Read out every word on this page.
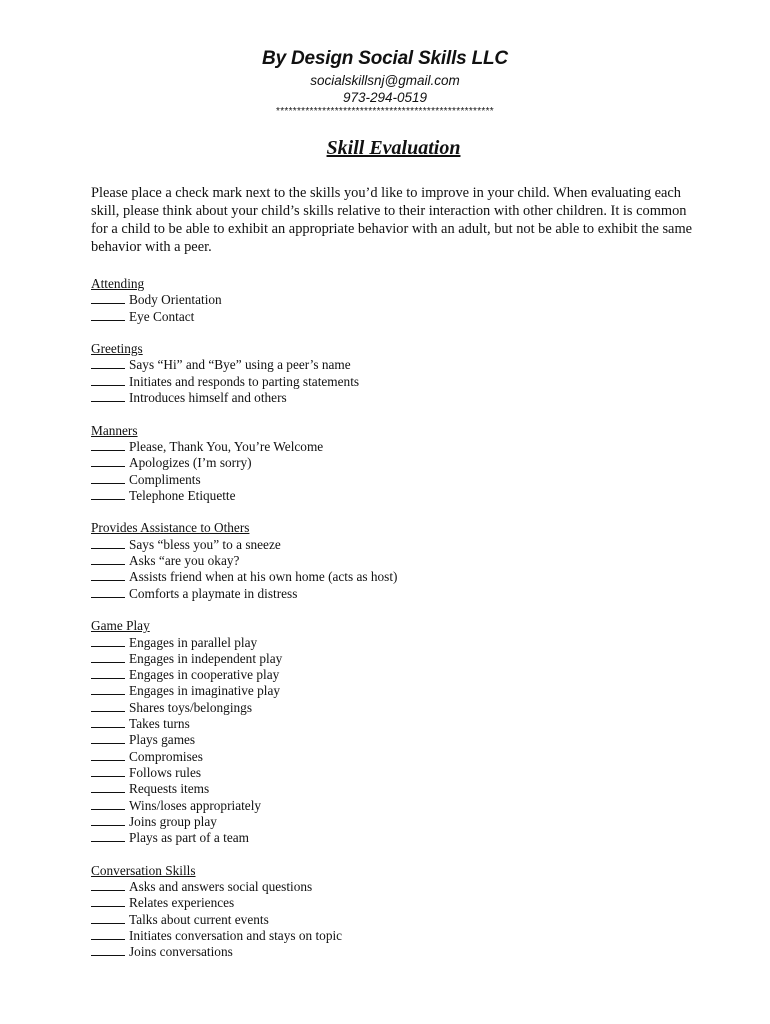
By Design Social Skills LLC
socialskillsnj@gmail.com
973-294-0519
****************************************************
Skill Evaluation

Please place a check mark next to the skills you’d like to improve in your child. When evaluating each skill, please think about your child’s skills relative to their interaction with other children. It is common for a child to be able to exhibit an appropriate behavior with an adult, but not be able to exhibit the same behavior with a peer.

Attending
Body Orientation
Eye Contact
Greetings
Says “Hi” and “Bye” using a peer’s name
Initiates and responds to parting statements
Introduces himself and others
Manners
Please, Thank You, You’re Welcome
Apologizes (I’m sorry)
Compliments
Telephone Etiquette
Provides Assistance to Others
Says “bless you” to a sneeze
Asks “are you okay?
Assists friend when at his own home (acts as host)
Comforts a playmate in distress
Game Play
Engages in parallel play
Engages in independent play
Engages in cooperative play
Engages in imaginative play
Shares toys/belongings
Takes turns
Plays games
Compromises
Follows rules
Requests items
Wins/loses appropriately
Joins group play
Plays as part of a team
Conversation Skills
Asks and answers social questions
Relates experiences
Talks about current events
Initiates conversation and stays on topic
Joins conversations
